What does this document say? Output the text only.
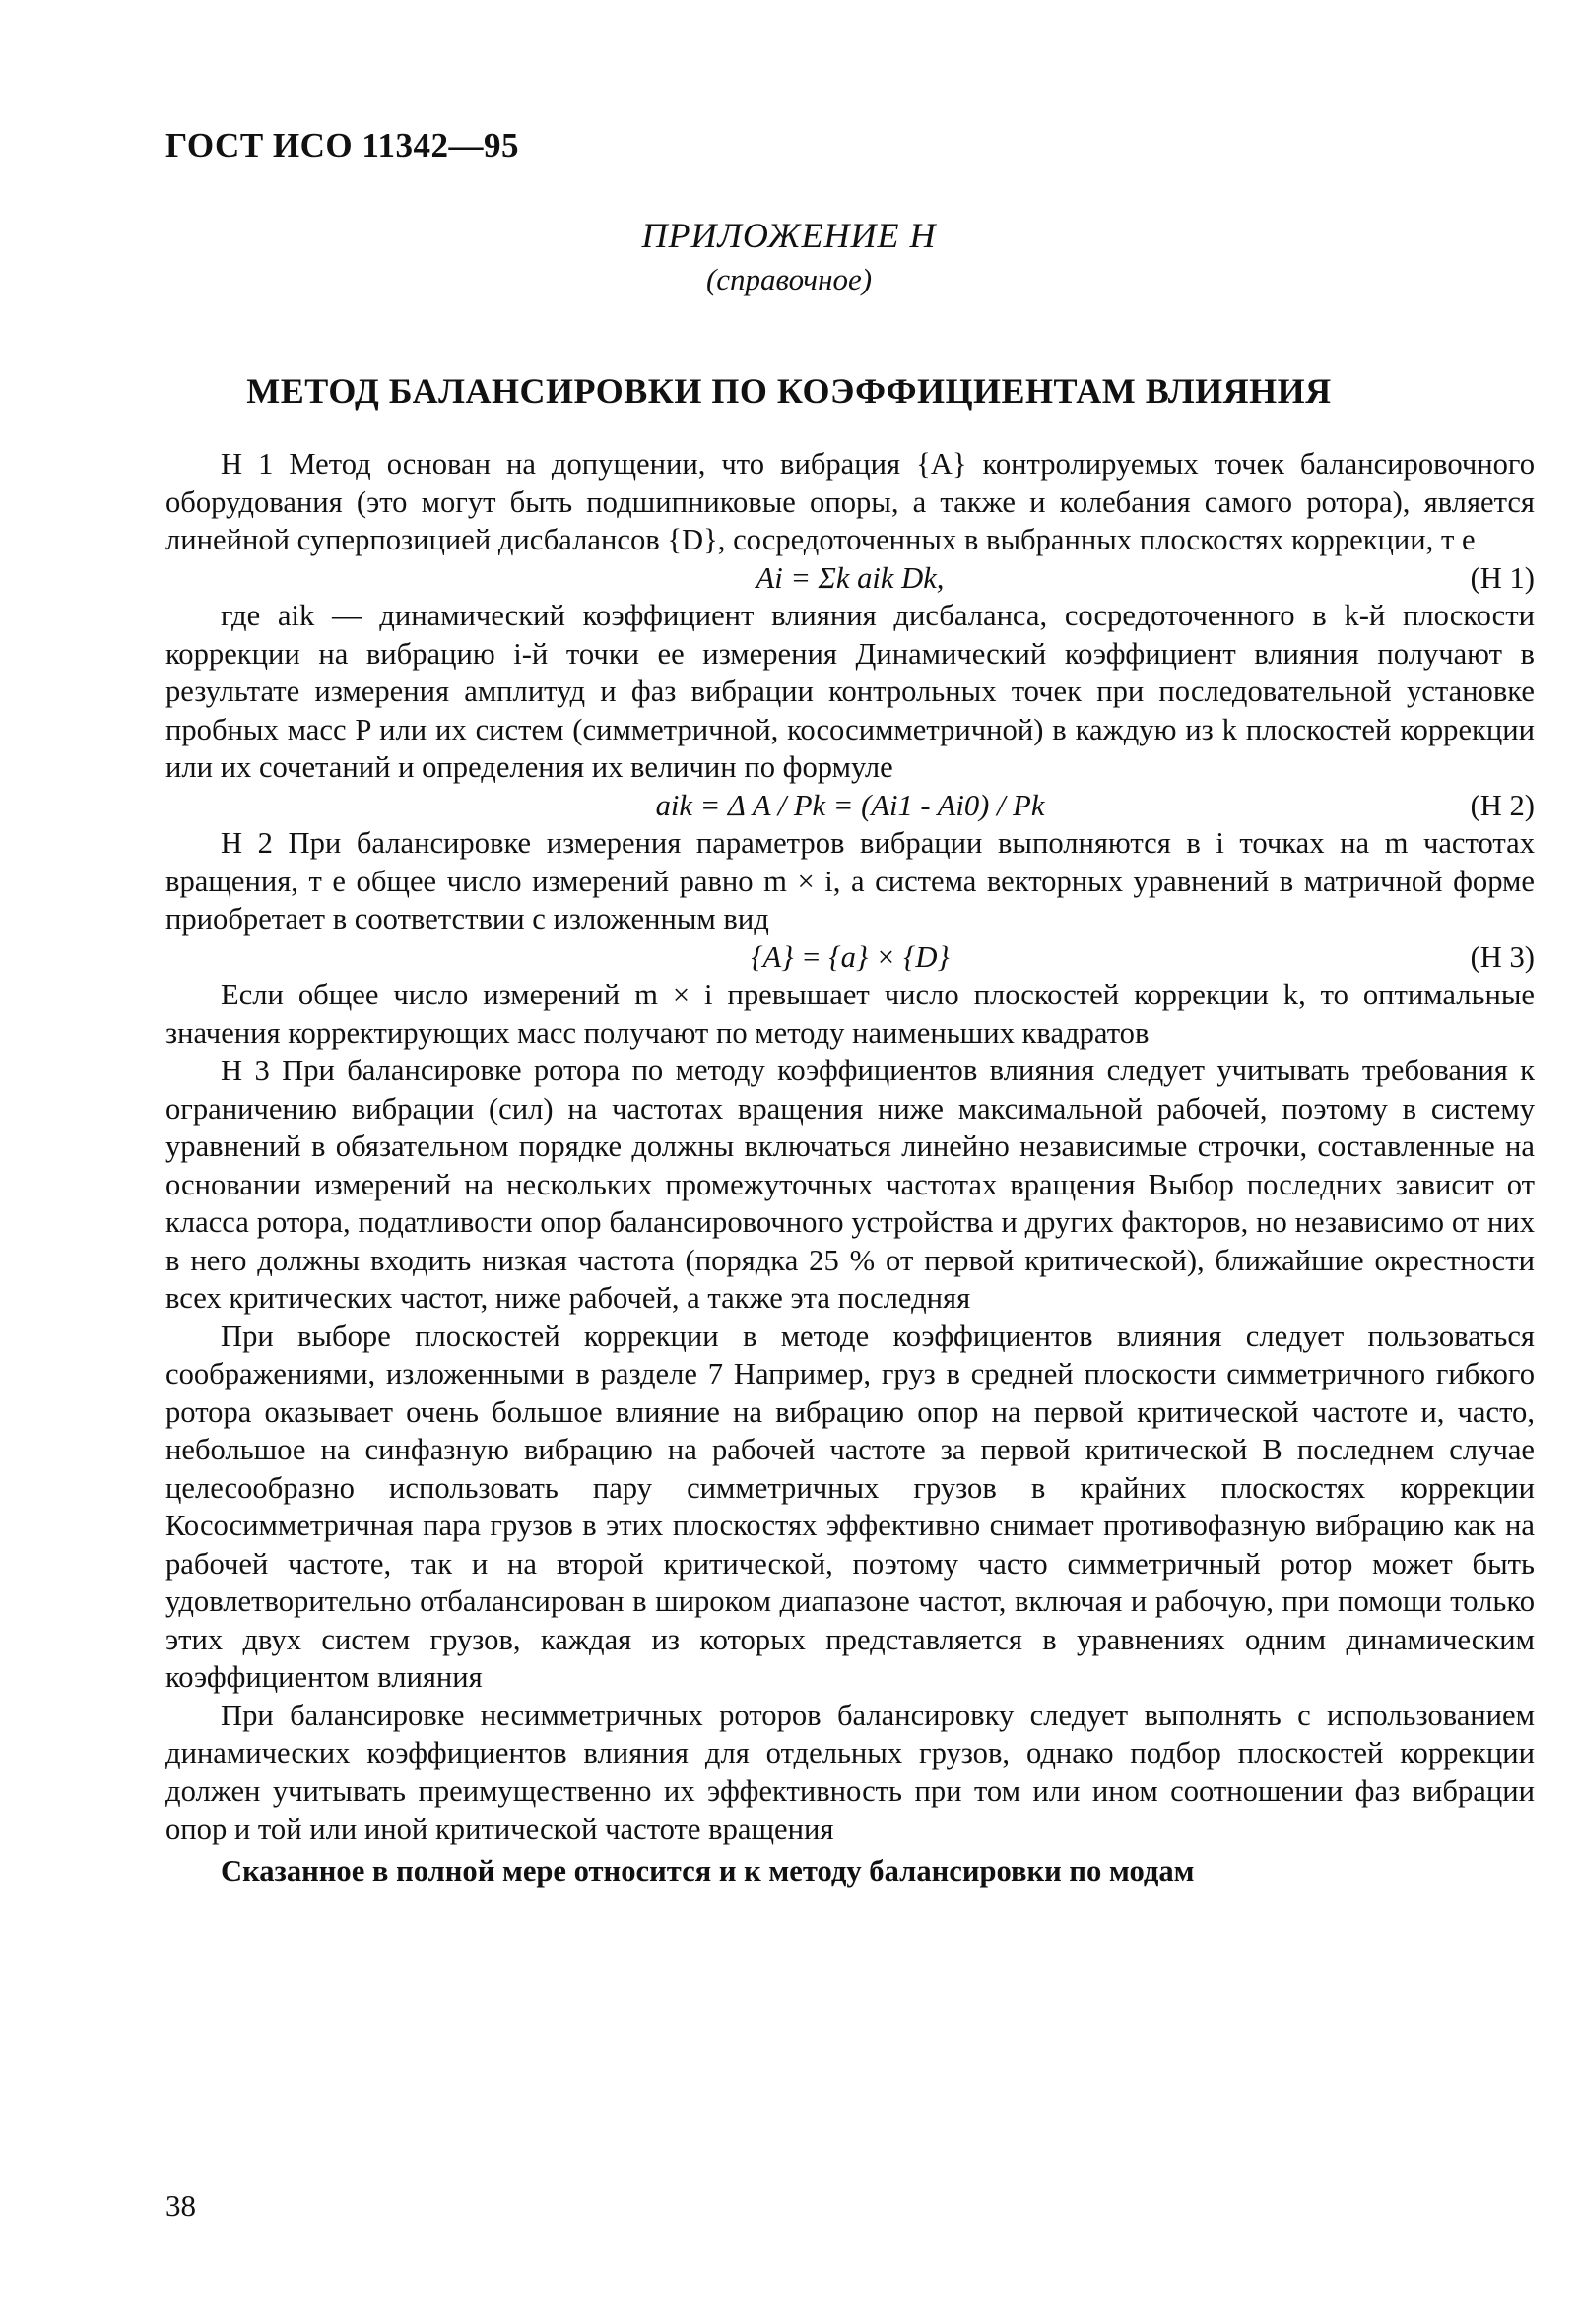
ГОСТ ИСО 11342—95
ПРИЛОЖЕНИЕ Н
(справочное)
МЕТОД БАЛАНСИРОВКИ ПО КОЭФФИЦИЕНТАМ ВЛИЯНИЯ

Н 1 Метод основан на допущении, что вибрация {A} контролируемых точек балансировочного оборудования (это могут быть подшипниковые опоры, а также и колебания самого ротора), является линейной суперпозицией дисбалансов {D}, сосредоточенных в выбранных плоскостях коррекции, т е

Ai = Σk aik Dk,	(Н 1)

где aik — динамический коэффициент влияния дисбаланса, сосредоточенного в k-й плоскости коррекции на вибрацию i-й точки ее измерения Динамический коэффициент влияния получают в результате измерения амплитуд и фаз вибрации контрольных точек при последовательной установке пробных масс P или их систем (симметричной, кососимметричной) в каждую из k плоскостей коррекции или их сочетаний и определения их величин по формуле

aik = Δ A / Pk = (Ai1 - Ai0) / Pk	(Н 2)

Н 2 При балансировке измерения параметров вибрации выполняются в i точках на m частотах вращения, т е общее число измерений равно m × i, а система векторных уравнений в матричной форме приобретает в соответствии с изложенным вид

{A} = {a} × {D}	(Н 3)

Если общее число измерений m × i превышает число плоскостей коррекции k, то оптимальные значения корректирующих масс получают по методу наименьших квадратов

Н 3 При балансировке ротора по методу коэффициентов влияния следует учитывать требования к ограничению вибрации (сил) на частотах вращения ниже максимальной рабочей, поэтому в систему уравнений в обязательном порядке должны включаться линейно независимые строчки, составленные на основании измерений на нескольких промежуточных частотах вращения Выбор последних зависит от класса ротора, податливости опор балансировочного устройства и других факторов, но независимо от них в него должны входить низкая частота (порядка 25 % от первой критической), ближайшие окрестности всех критических частот, ниже рабочей, а также эта последняя

При выборе плоскостей коррекции в методе коэффициентов влияния следует пользоваться соображениями, изложенными в разделе 7 Например, груз в средней плоскости симметричного гибкого ротора оказывает очень большое влияние на вибрацию опор на первой критической частоте и, часто, небольшое на синфазную вибрацию на рабочей частоте за первой критической В последнем случае целесообразно использовать пару симметричных грузов в крайних плоскостях коррекции Кососимметричная пара грузов в этих плоскостях эффективно снимает противофазную вибрацию как на рабочей частоте, так и на второй критической, поэтому часто симметричный ротор может быть удовлетворительно отбалансирован в широком диапазоне частот, включая и рабочую, при помощи только этих двух систем грузов, каждая из которых представляется в уравнениях одним динамическим коэффициентом влияния

При балансировке несимметричных роторов балансировку следует выполнять с использованием динамических коэффициентов влияния для отдельных грузов, однако подбор плоскостей коррекции должен учитывать преимущественно их эффективность при том или ином соотношении фаз вибрации опор и той или иной критической частоте вращения

Сказанное в полной мере относится и к методу балансировки по модам

38
